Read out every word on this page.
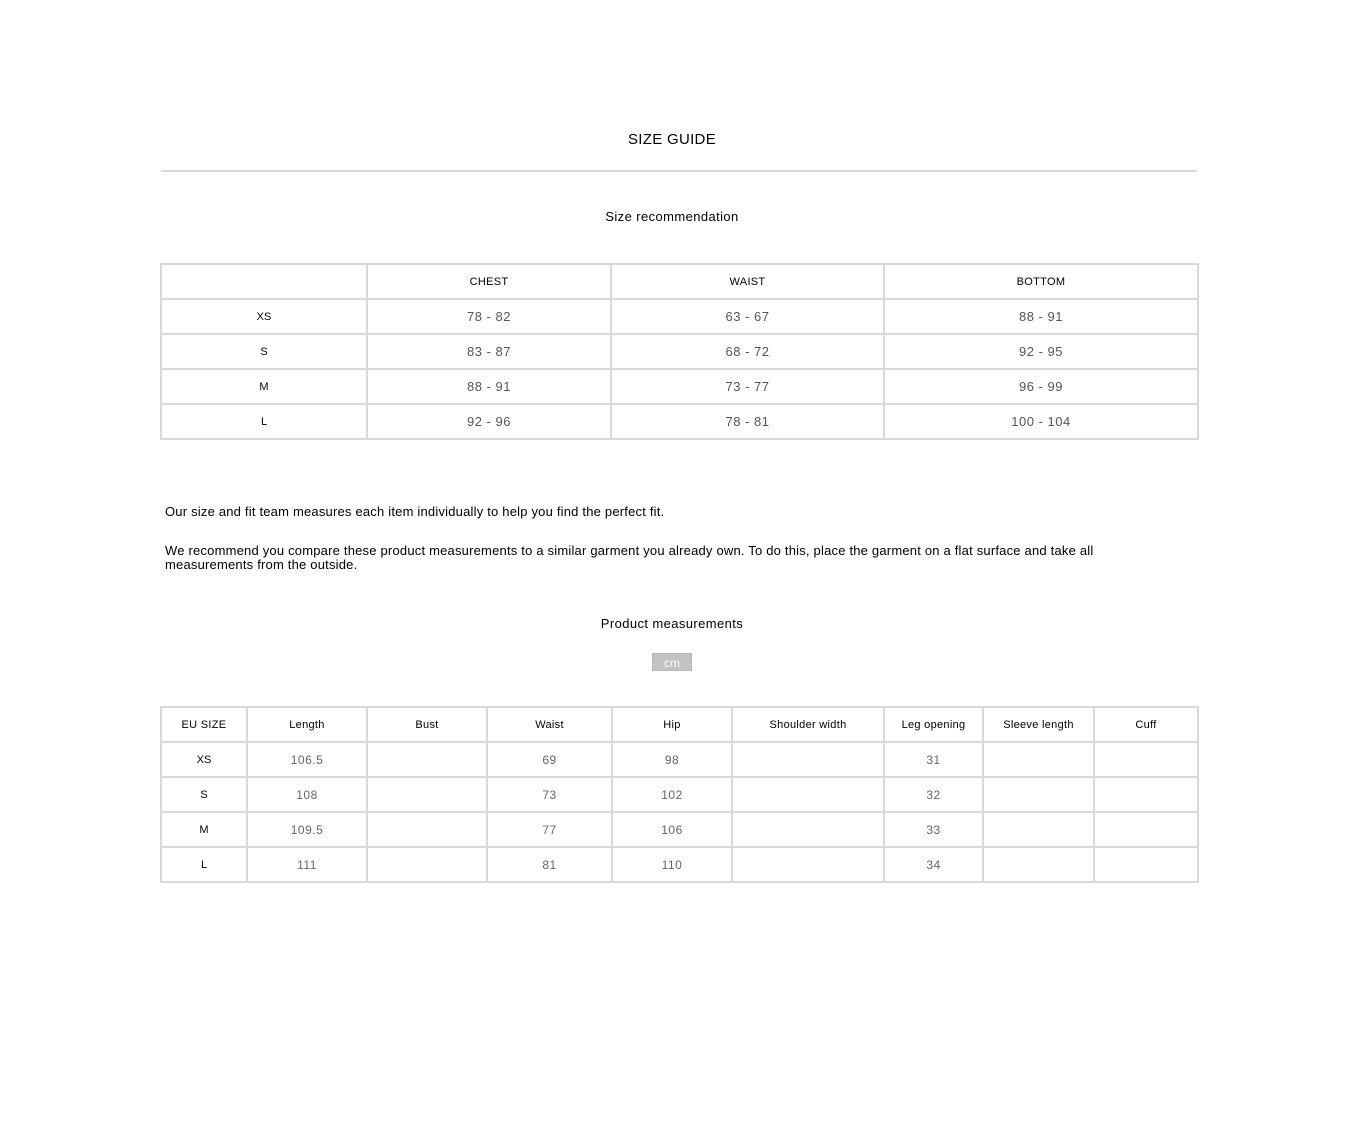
SIZE GUIDE
Size recommendation
	CHEST	WAIST	BOTTOM
XS	78 - 82	63 - 67	88 - 91
S	83 - 87	68 - 72	92 - 95
M	88 - 91	73 - 77	96 - 99
L	92 - 96	78 - 81	100 - 104
Our size and fit team measures each item individually to help you find the perfect fit.
We recommend you compare these product measurements to a similar garment you already own. To do this, place the garment on a flat surface and take all measurements from the outside.
Product measurements
cm
EU SIZE	Length	Bust	Waist	Hip	Shoulder width	Leg opening	Sleeve length	Cuff
XS	106.5		69	98		31		
S	108		73	102		32		
M	109.5		77	106		33		
L	111		81	110		34		
